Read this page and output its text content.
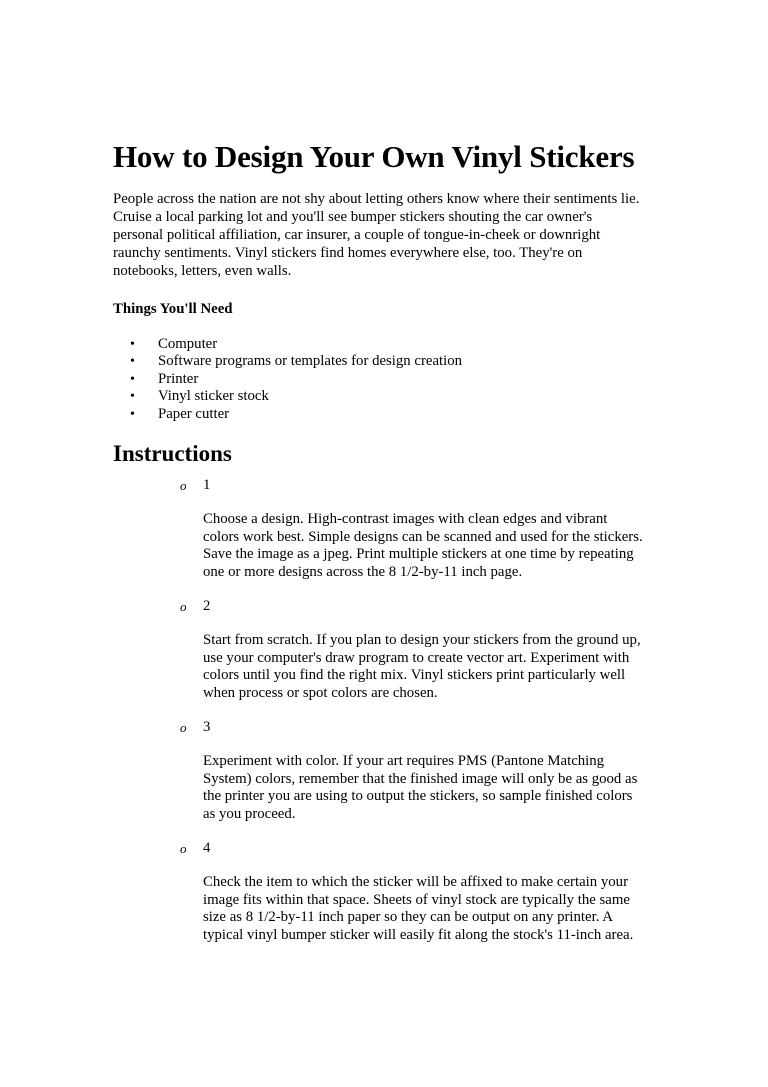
How to Design Your Own Vinyl Stickers
People across the nation are not shy about letting others know where their sentiments lie.
Cruise a local parking lot and you'll see bumper stickers shouting the car owner's
personal political affiliation, car insurer, a couple of tongue-in-cheek or downright
raunchy sentiments. Vinyl stickers find homes everywhere else, too. They're on
notebooks, letters, even walls.
Things You'll Need
• Computer
• Software programs or templates for design creation
• Printer
• Vinyl sticker stock
• Paper cutter
Instructions
o 1
Choose a design. High-contrast images with clean edges and vibrant
colors work best. Simple designs can be scanned and used for the stickers.
Save the image as a jpeg. Print multiple stickers at one time by repeating
one or more designs across the 8 1/2-by-11 inch page.
o 2
Start from scratch. If you plan to design your stickers from the ground up,
use your computer's draw program to create vector art. Experiment with
colors until you find the right mix. Vinyl stickers print particularly well
when process or spot colors are chosen.
o 3
Experiment with color. If your art requires PMS (Pantone Matching
System) colors, remember that the finished image will only be as good as
the printer you are using to output the stickers, so sample finished colors
as you proceed.
o 4
Check the item to which the sticker will be affixed to make certain your
image fits within that space. Sheets of vinyl stock are typically the same
size as 8 1/2-by-11 inch paper so they can be output on any printer. A
typical vinyl bumper sticker will easily fit along the stock's 11-inch area.
